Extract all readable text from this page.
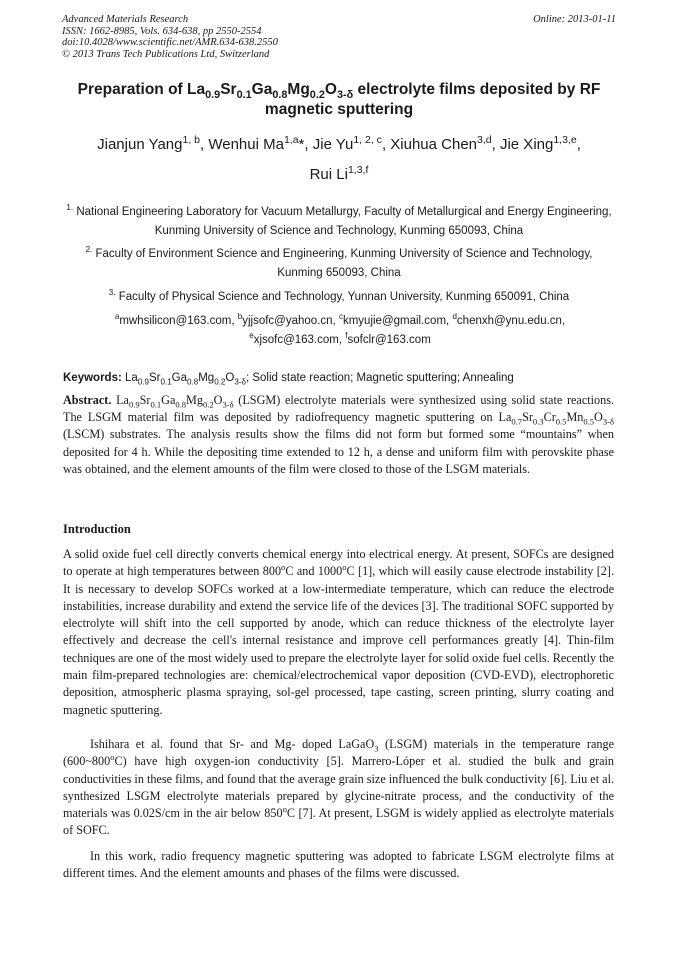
Advanced Materials Research
ISSN: 1662-8985, Vols. 634-638, pp 2550-2554
doi:10.4028/www.scientific.net/AMR.634-638.2550
© 2013 Trans Tech Publications Ltd, Switzerland
Online: 2013-01-11
Preparation of $La_{0.9}Sr_{0.1}Ga_{0.8}Mg_{0.2}O_{3-\delta}$ electrolyte films deposited by RF magnetic sputtering
Jianjun Yang$^{1, b}$, Wenhui Ma$^{1,a}$*, Jie Yu$^{1, 2, c}$, Xiuhua Chen$^{3,d}$, Jie Xing$^{1,3,e}$,
Rui Li$^{1,3,f}$
$^{1.}$ National Engineering Laboratory for Vacuum Metallurgy, Faculty of Metallurgical and Energy Engineering, Kunming University of Science and Technology, Kunming 650093, China
$^{2.}$ Faculty of Environment Science and Engineering, Kunming University of Science and Technology, Kunming 650093, China
$^{3.}$ Faculty of Physical Science and Technology, Yunnan University, Kunming 650091, China
$^a$mwhsilicon@163.com, $^b$yjjsofc@yahoo.cn, $^c$kmyujie@gmail.com, $^d$chenxh@ynu.edu.cn,
$^e$xjsofc@163.com, $^f$sofclr@163.com
Keywords: $La_{0.9}Sr_{0.1}Ga_{0.8}Mg_{0.2}O_{3-\delta}$; Solid state reaction; Magnetic sputtering; Annealing
Abstract. $La_{0.9}Sr_{0.1}Ga_{0.8}Mg_{0.2}O_{3-\delta}$ (LSGM) electrolyte materials were synthesized using solid state reactions. The LSGM material film was deposited by radiofrequency magnetic sputtering on $La_{0.7}Sr_{0.3}Cr_{0.5}Mn_{0.5}O_{3-\delta}$ (LSCM) substrates. The analysis results show the films did not form but formed some “mountains” when deposited for 4 h. While the depositing time extended to 12 h, a dense and uniform film with perovskite phase was obtained, and the element amounts of the film were closed to those of the LSGM materials.
Introduction

A solid oxide fuel cell directly converts chemical energy into electrical energy. At present, SOFCs are designed to operate at high temperatures between 800$^o$C and 1000$^o$C [1], which will easily cause electrode instability [2]. It is necessary to develop SOFCs worked at a low-intermediate temperature, which can reduce the electrode instabilities, increase durability and extend the service life of the devices [3]. The traditional SOFC supported by electrolyte will shift into the cell supported by anode, which can reduce thickness of the electrolyte layer effectively and decrease the cell's internal resistance and improve cell performances greatly [4]. Thin-film techniques are one of the most widely used to prepare the electrolyte layer for solid oxide fuel cells. Recently the main film-prepared technologies are: chemical/electrochemical vapor deposition (CVD-EVD), electrophoretic deposition, atmospheric plasma spraying, sol-gel processed, tape casting, screen printing, slurry coating and magnetic sputtering.

Ishihara et al. found that Sr- and Mg- doped LaGaO$_3$ (LSGM) materials in the temperature range (600~800$^o$C) have high oxygen-ion conductivity [5]. Marrero-Lóper et al. studied the bulk and grain conductivities in these films, and found that the average grain size influenced the bulk conductivity [6]. Liu et al. synthesized LSGM electrolyte materials prepared by glycine-nitrate process, and the conductivity of the materials was 0.02S/cm in the air below 850$^o$C [7]. At present, LSGM is widely applied as electrolyte materials of SOFC.

In this work, radio frequency magnetic sputtering was adopted to fabricate LSGM electrolyte films at different times. And the element amounts and phases of the films were discussed.
